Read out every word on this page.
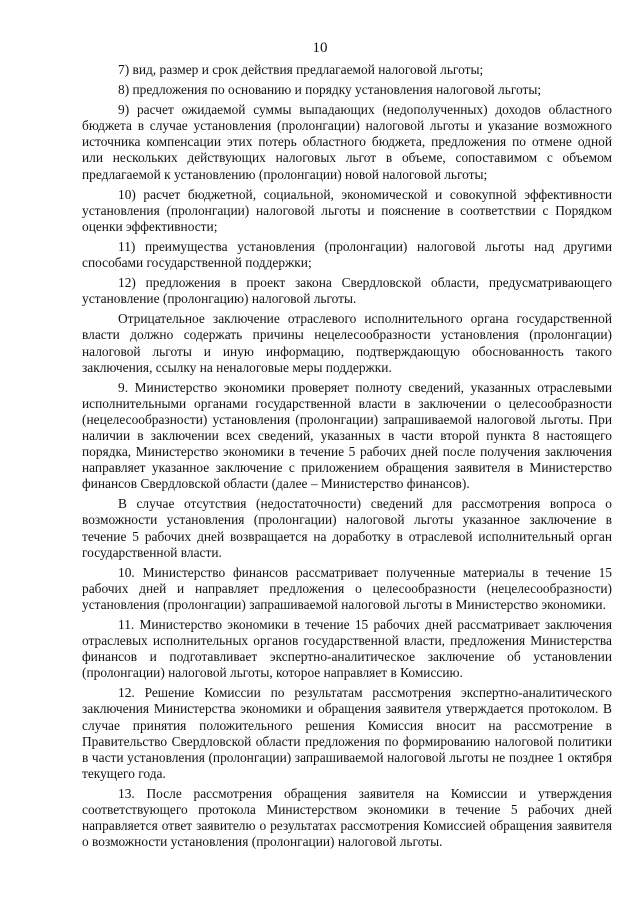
10

7) вид, размер и срок действия предлагаемой налоговой льготы;

8) предложения по основанию и порядку установления налоговой льготы;

9) расчет ожидаемой суммы выпадающих (недополученных) доходов областного бюджета в случае установления (пролонгации) налоговой льготы и указание возможного источника компенсации этих потерь областного бюджета, предложения по отмене одной или нескольких действующих налоговых льгот в объеме, сопоставимом с объемом предлагаемой к установлению (пролонгации) новой налоговой льготы;

10) расчет бюджетной, социальной, экономической и совокупной эффективности установления (пролонгации) налоговой льготы и пояснение в соответствии с Порядком оценки эффективности;

11) преимущества установления (пролонгации) налоговой льготы над другими способами государственной поддержки;

12) предложения в проект закона Свердловской области, предусматривающего установление (пролонгацию) налоговой льготы.

Отрицательное заключение отраслевого исполнительного органа государственной власти должно содержать причины нецелесообразности установления (пролонгации) налоговой льготы и иную информацию, подтверждающую обоснованность такого заключения, ссылку на неналоговые меры поддержки.

9. Министерство экономики проверяет полноту сведений, указанных отраслевыми исполнительными органами государственной власти в заключении о целесообразности (нецелесообразности) установления (пролонгации) запрашиваемой налоговой льготы. При наличии в заключении всех сведений, указанных в части второй пункта 8 настоящего порядка, Министерство экономики в течение 5 рабочих дней после получения заключения направляет указанное заключение с приложением обращения заявителя в Министерство финансов Свердловской области (далее – Министерство финансов).

В случае отсутствия (недостаточности) сведений для рассмотрения вопроса о возможности установления (пролонгации) налоговой льготы указанное заключение в течение 5 рабочих дней возвращается на доработку в отраслевой исполнительный орган государственной власти.

10. Министерство финансов рассматривает полученные материалы в течение 15 рабочих дней и направляет предложения о целесообразности (нецелесообразности) установления (пролонгации) запрашиваемой налоговой льготы в Министерство экономики.

11. Министерство экономики в течение 15 рабочих дней рассматривает заключения отраслевых исполнительных органов государственной власти, предложения Министерства финансов и подготавливает экспертно-аналитическое заключение об установлении (пролонгации) налоговой льготы, которое направляет в Комиссию.

12. Решение Комиссии по результатам рассмотрения экспертно-аналитического заключения Министерства экономики и обращения заявителя утверждается протоколом. В случае принятия положительного решения Комиссия вносит на рассмотрение в Правительство Свердловской области предложения по формированию налоговой политики в части установления (пролонгации) запрашиваемой налоговой льготы не позднее 1 октября текущего года.

13. После рассмотрения обращения заявителя на Комиссии и утверждения соответствующего протокола Министерством экономики в течение 5 рабочих дней направляется ответ заявителю о результатах рассмотрения Комиссией обращения заявителя о возможности установления (пролонгации) налоговой льготы.
